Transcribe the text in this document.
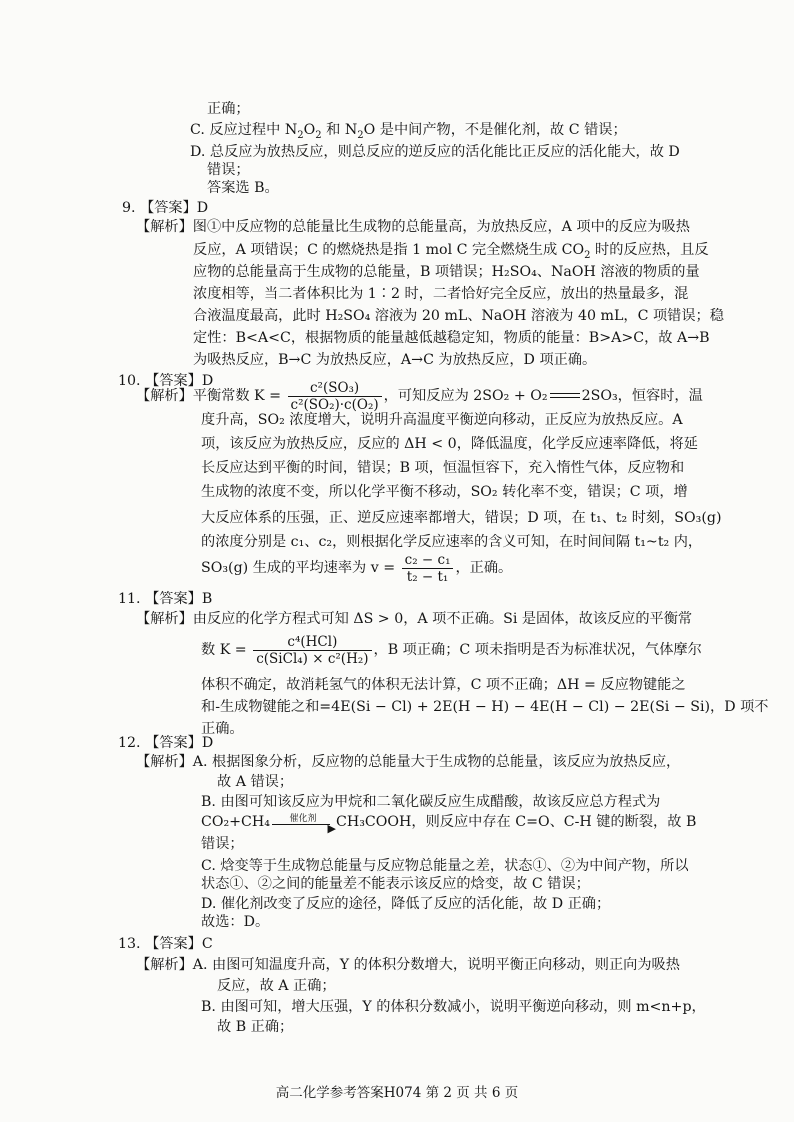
正确；
C. 反应过程中 $N_2O_2$ 和 $N_2O$ 是中间产物，不是催化剂，故 C 错误；
D. 总反应为放热反应，则总反应的逆反应的活化能比正反应的活化能大，故 D
错误；
答案选 B。
9. 【答案】D
【解析】图①中反应物的总能量比生成物的总能量高，为放热反应，A 项中的反应为吸热
反应，A 项错误；C 的燃烧热是指 1 mol C 完全燃烧生成 $CO_2$ 时的反应热，且反
应物的总能量高于生成物的总能量，B 项错误；H₂SO₄、NaOH 溶液的物质的量
浓度相等，当二者体积比为 1∶2 时，二者恰好完全反应，放出的热量最多，混
合液温度最高，此时 H₂SO₄ 溶液为 20 mL、NaOH 溶液为 40 mL，C 项错误；稳
定性：B<A<C，根据物质的能量越低越稳定知，物质的能量：B>A>C，故 A→B
为吸热反应，B→C 为放热反应，A→C 为放热反应，D 项正确。
10. 【答案】D
【解析】平衡常数 $K = \frac{\text{c²(SO₃)}}{\text{c²(SO₂)·c(O₂)}}$ ，可知反应为 2SO₂ + O₂ 2SO₃，恒容时，温
度升高，SO₂ 浓度增大，说明升高温度平衡逆向移动，正反应为放热反应。A
项，该反应为放热反应，反应的 ΔH < 0，降低温度，化学反应速率降低，将延
长反应达到平衡的时间，错误；B 项，恒温恒容下，充入惰性气体，反应物和
生成物的浓度不变，所以化学平衡不移动，SO₂ 转化率不变，错误；C 项，增
大反应体系的压强，正、逆反应速率都增大，错误；D 项，在 t₁、t₂ 时刻，SO₃(g)
的浓度分别是 c₁、c₂，则根据化学反应速率的含义可知，在时间间隔 t₁~t₂ 内，
SO₃(g) 生成的平均速率为 $v = \frac{\text{c₂ − c₁}}{\text{t₂ − t₁}}$ ，正确。
11. 【答案】B
【解析】由反应的化学方程式可知 ΔS > 0，A 项不正确。Si 是固体，故该反应的平衡常
数 $K = \frac{\text{c⁴(HCl)}}{\text{c(SiCl₄) × c²(H₂)}}$ ，B 项正确；C 项未指明是否为标准状况，气体摩尔
体积不确定，故消耗氢气的体积无法计算，C 项不正确；ΔH = 反应物键能之
和-生成物键能之和=4E(Si − Cl) + 2E(H − H) − 4E(H − Cl) − 2E(Si − Si)，D 项不
正确。
12. 【答案】D
【解析】A. 根据图象分析，反应物的总能量大于生成物的总能量，该反应为放热反应，
故 A 错误；
B. 由图可知该反应为甲烷和二氧化碳反应生成醋酸，故该反应总方程式为
CO₂+CH₄	催化剂
▶ CH₃COOH，则反应中存在 C=O、C-H 键的断裂，故 B
错误；
C. 焓变等于生成物总能量与反应物总能量之差，状态①、②为中间产物，所以
状态①、②之间的能量差不能表示该反应的焓变，故 C 错误；
D. 催化剂改变了反应的途径，降低了反应的活化能，故 D 正确；
故选：D。
13. 【答案】C
【解析】A. 由图可知温度升高，Y 的体积分数增大，说明平衡正向移动，则正向为吸热
反应，故 A 正确；
B. 由图可知，增大压强，Y 的体积分数减小，说明平衡逆向移动，则 m<n+p，
故 B 正确；
高二化学参考答案H074 第 2 页 共 6 页
